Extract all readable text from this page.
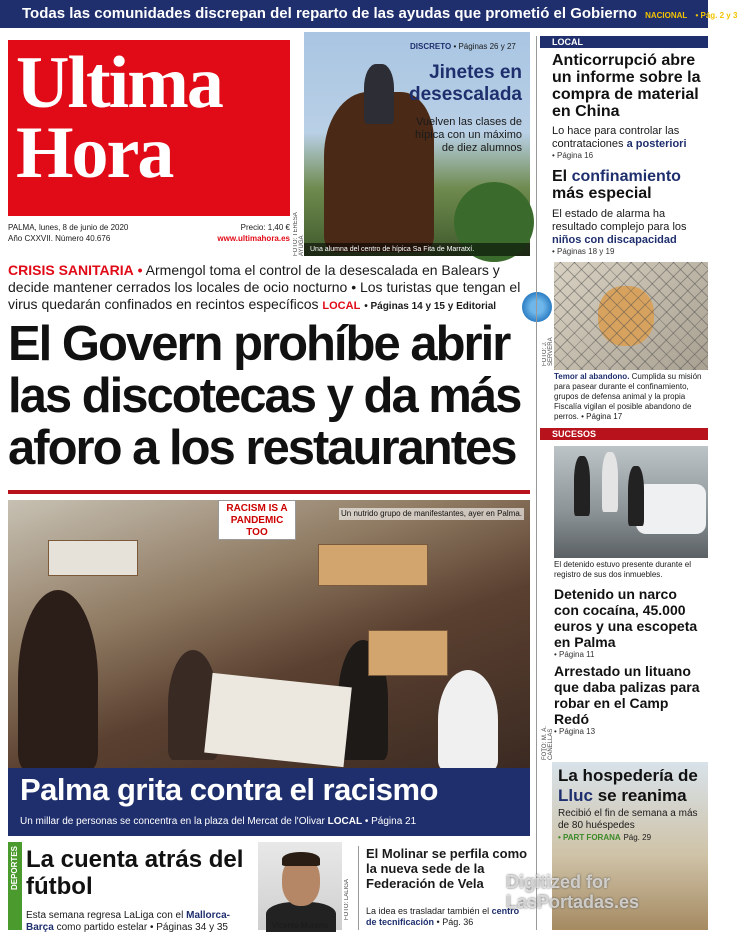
Todas las comunidades discrepan del reparto de las ayudas que prometió el Gobierno NACIONAL • Pág. 2 y 3
Ultima
Hora
PALMA, lunes, 8 de junio de 2020
Año CXXVII. Número 40.676
Precio: 1,40 €
www.ultimahora.es
DISCRETO • Páginas 26 y 27
Jinetes en
desescalada
Vuelven las clases de hípica con un máximo de diez alumnos
Una alumna del centro de hípica Sa Fita de Marratxí.
FOTO: TERESA AYUGA
CRISIS SANITARIA • Armengol toma el control de la desescalada en Balears y decide mantener cerrados los locales de ocio nocturno • Los turistas que tengan el virus quedarán confinados en recintos específicos LOCAL • Páginas 14 y 15 y Editorial
El Govern prohíbe abrir las discotecas y da más aforo a los restaurantes
RACISM IS A PANDEMIC TOO
Un nutrido grupo de manifestantes, ayer en Palma.
FOTO: MIQUEL ÀNGEL CAÑELLAS
Palma grita contra el racismo
Un millar de personas se concentra en la plaza del Mercat de l'Olivar LOCAL • Página 21
DEPORTES La cuenta atrás del fútbol
Esta semana regresa LaLiga con el Mallorca-Barça como partido estelar • Páginas 34 y 35	Vicente Moreno
FOTO: LALIGA
El Molinar se perfila como la nueva sede de la Federación de Vela
La idea es trasladar también el centro de tecnificación • Pág. 36
LOCAL
Anticorrupció abre un informe sobre la compra de material en China
Lo hace para controlar las contrataciones a posteriori
• Página 16
El confinamiento más especial
El estado de alarma ha resultado complejo para los niños con discapacidad
• Páginas 18 y 19
FOTO: J. SERVERA
Temor al abandono. Cumplida su misión para pasear durante el confinamiento, grupos de defensa animal y la propia Fiscalía vigilan el posible abandono de perros. • Página 17
SUCESOS
El detenido estuvo presente durante el registro de sus dos inmuebles.
Detenido un narco con cocaína, 45.000 euros y una escopeta en Palma
• Página 11
Arrestado un lituano que daba palizas para robar en el Camp Redó
• Página 13
FOTO: M. À. CAÑELLAS
La hospedería de Lluc se reanima
Recibió el fin de semana a más de 80 huéspedes
• PART FORANA Pág. 29
Digitized for
LasPortadas.es
